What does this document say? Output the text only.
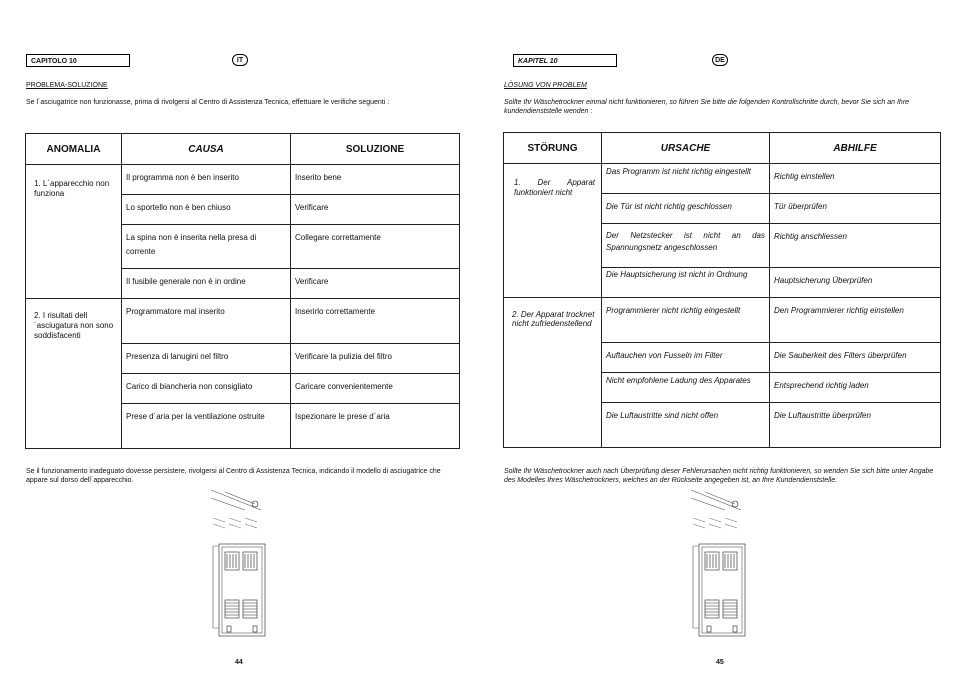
CAPITOLO 10	IT
PROBLEMA-SOLUZIONE
Se l´asciugatrice non funzionasse, prima di rivolgersi al Centro di Assistenza Tecnica, effettuare le verifiche seguenti :
ANOMALIA	CAUSA	SOLUZIONE

1. L´apparecchio non funziona	Il programma non è ben inserito	Inserito bene

	Lo sportello non è ben chiuso	Verificare

	La spina non è inserita nella presa di corrente	Collegare correttamente

	Il fusibile generale non è in ordine	Verificare

2. I risultati dell´asciugatura non sono soddisfacenti	Programmatore mal inserito	Inserirlo correttamente

	Presenza di lanugini nel filtro	Verificare la pulizia del filtro

	Carico di biancheria non consigliato	Caricare convenientemente

	Prese d´aria per la ventilazione ostruite	Ispezionare le prese d´aria
Se il funzionamento inadeguato dovesse persistere, rivolgersi al Centro di Assistenza Tecnica, indicando il modello di asciugatrice che appare sul dorso dell´apparecchio.
44
KAPITEL 10	DE
LÖSUNG VON PROBLEM
Sollte Ihr Wäschetrockner einmal nicht funktionieren, so führen Sie bitte die folgenden Kontrollschritte durch, bevor Sie sich an Ihre kundendienststelle wenden :
STÖRUNG	URSACHE	ABHILFE

1. Der Apparat funktioniert nicht	Das Programm ist nicht richtig eingestellt	Richtig einstellen

	Die Tür ist nicht richtig geschlossen	Tür überprüfen

	Der Netzstecker ist nicht an das Spannungsnetz angeschlossen	Richtig anschliessen

	Die Hauptsicherung ist nicht in Ordnung	Hauptsicherung Überprüfen

2. Der Apparat trocknet nicht zufriedenstellend	Programmierer nicht richtig eingestellt	Den Programmierer richtig einstellen

	Auftauchen von Fusseln im Filter	Die Sauberkeit des Filters überprüfen

	Nicht empfohlene Ladung des Apparates	Entsprechend richtig laden

	Die Luftaustritte sind nicht offen	Die Luftaustritte überprüfen
Sollte Ihr Wäschetrockner auch nach Überprüfung dieser Fehlerursachen nicht richtig funktionieren, so wenden Sie sich bitte unter Angabe des Modelles Ihres Wäschetrockners, welches an der Rückseite angegeben ist, an Ihre Kundendienststelle.
45
